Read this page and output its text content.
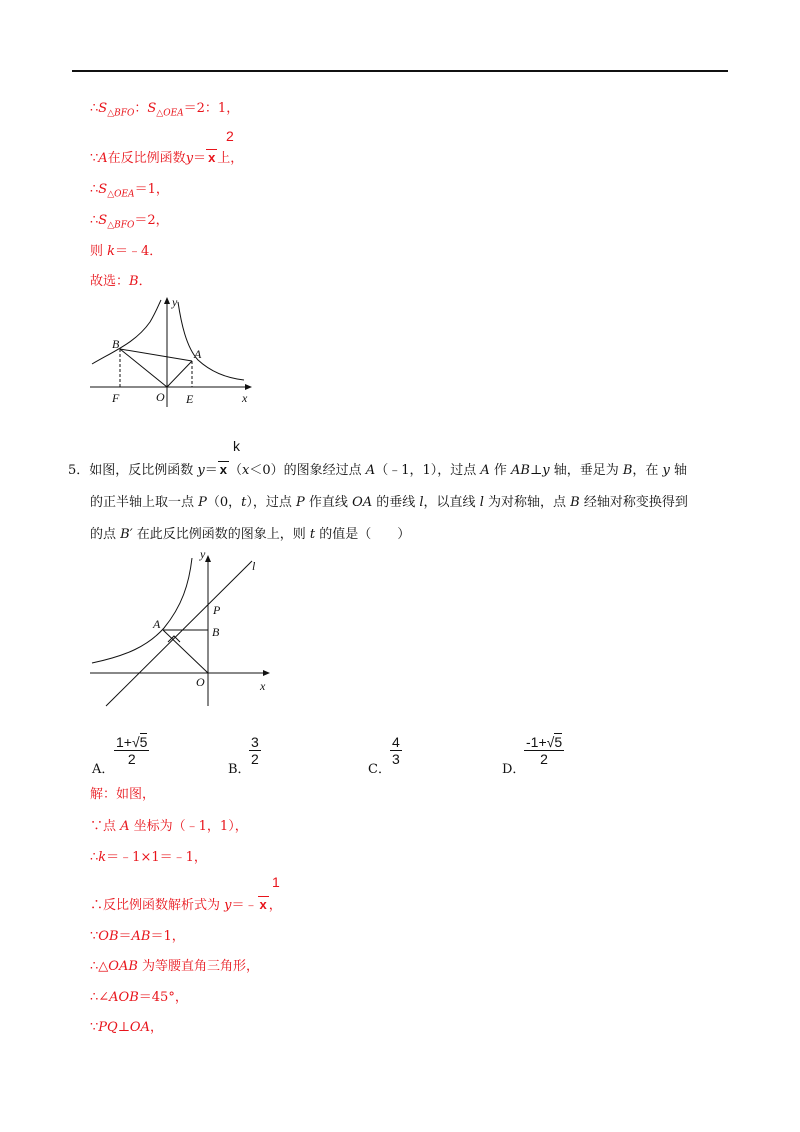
$\therefore S_{\triangle BFO}$：$S_{\triangle OEA}=2$：1，
2
∵A在反比例函数y＝ x 上，
$\therefore S_{\triangle OEA}=1$，
$\therefore S_{\triangle BFO}=2$，
则 k＝﹣4．
故选：B．
B
A
F	O E	x
y
k
5．如图，反比例函数 y＝ x （x＜0）的图象经过点 A（﹣1，1），过点 A 作 AB⊥y 轴，垂足为 B，在 y 轴
的正半轴上取一点 P（0，t），过点 P 作直线 OA 的垂线 l，以直线 l 为对称轴，点 B 经轴对称变换得到
的点 B′ 在此反比例函数的图象上，则 t 的值是（　　）
y
l
P
A
B
O	x
A．
1+√5
2
B．
3
2
C．
4
3
D．
-1+√5
2
解：如图，
∵点 A 坐标为（﹣1，1），
∴k＝﹣1×1＝﹣1，
1
∴反比例函数解析式为 y＝﹣ x ，
∵OB＝AB＝1，
∴△OAB 为等腰直角三角形，
∴∠AOB＝45°，
∵PQ⊥OA，
